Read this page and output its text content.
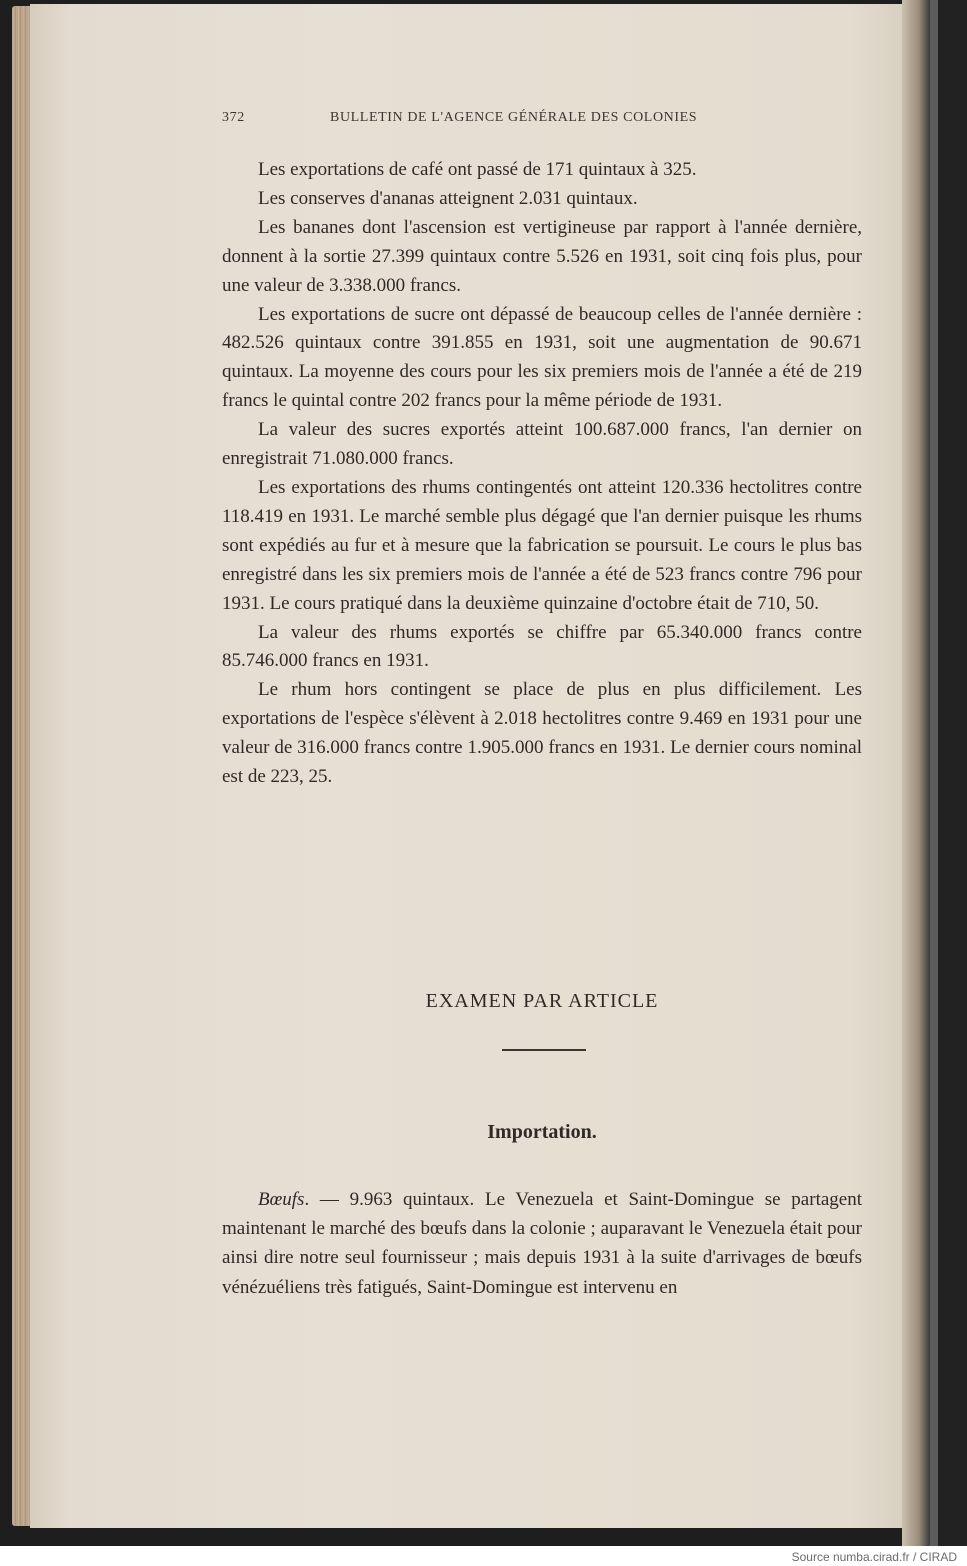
372	BULLETIN DE L'AGENCE GÉNÉRALE DES COLONIES

Les exportations de café ont passé de 171 quintaux à 325.

Les conserves d'ananas atteignent 2.031 quintaux.

Les bananes dont l'ascension est vertigineuse par rapport à l'année dernière, donnent à la sortie 27.399 quintaux contre 5.526 en 1931, soit cinq fois plus, pour une valeur de 3.338.000 francs.

Les exportations de sucre ont dépassé de beaucoup celles de l'année dernière : 482.526 quintaux contre 391.855 en 1931, soit une augmentation de 90.671 quintaux. La moyenne des cours pour les six premiers mois de l'année a été de 219 francs le quintal contre 202 francs pour la même période de 1931.

La valeur des sucres exportés atteint 100.687.000 francs, l'an dernier on enregistrait 71.080.000 francs.

Les exportations des rhums contingentés ont atteint 120.336 hectolitres contre 118.419 en 1931. Le marché semble plus dégagé que l'an dernier puisque les rhums sont expédiés au fur et à mesure que la fabrication se poursuit. Le cours le plus bas enregistré dans les six premiers mois de l'année a été de 523 francs contre 796 pour 1931. Le cours pratiqué dans la deuxième quinzaine d'octobre était de 710, 50.

La valeur des rhums exportés se chiffre par 65.340.000 francs contre 85.746.000 francs en 1931.

Le rhum hors contingent se place de plus en plus difficilement. Les exportations de l'espèce s'élèvent à 2.018 hectolitres contre 9.469 en 1931 pour une valeur de 316.000 francs contre 1.905.000 francs en 1931. Le dernier cours nominal est de 223, 25.

EXAMEN PAR ARTICLE
Importation.

Bœufs. — 9.963 quintaux. Le Venezuela et Saint-Domingue se partagent maintenant le marché des bœufs dans la colonie ; auparavant le Venezuela était pour ainsi dire notre seul fournisseur ; mais depuis 1931 à la suite d'arrivages de bœufs vénézuéliens très fatigués, Saint-Domingue est intervenu en

Source numba.cirad.fr / CIRAD
